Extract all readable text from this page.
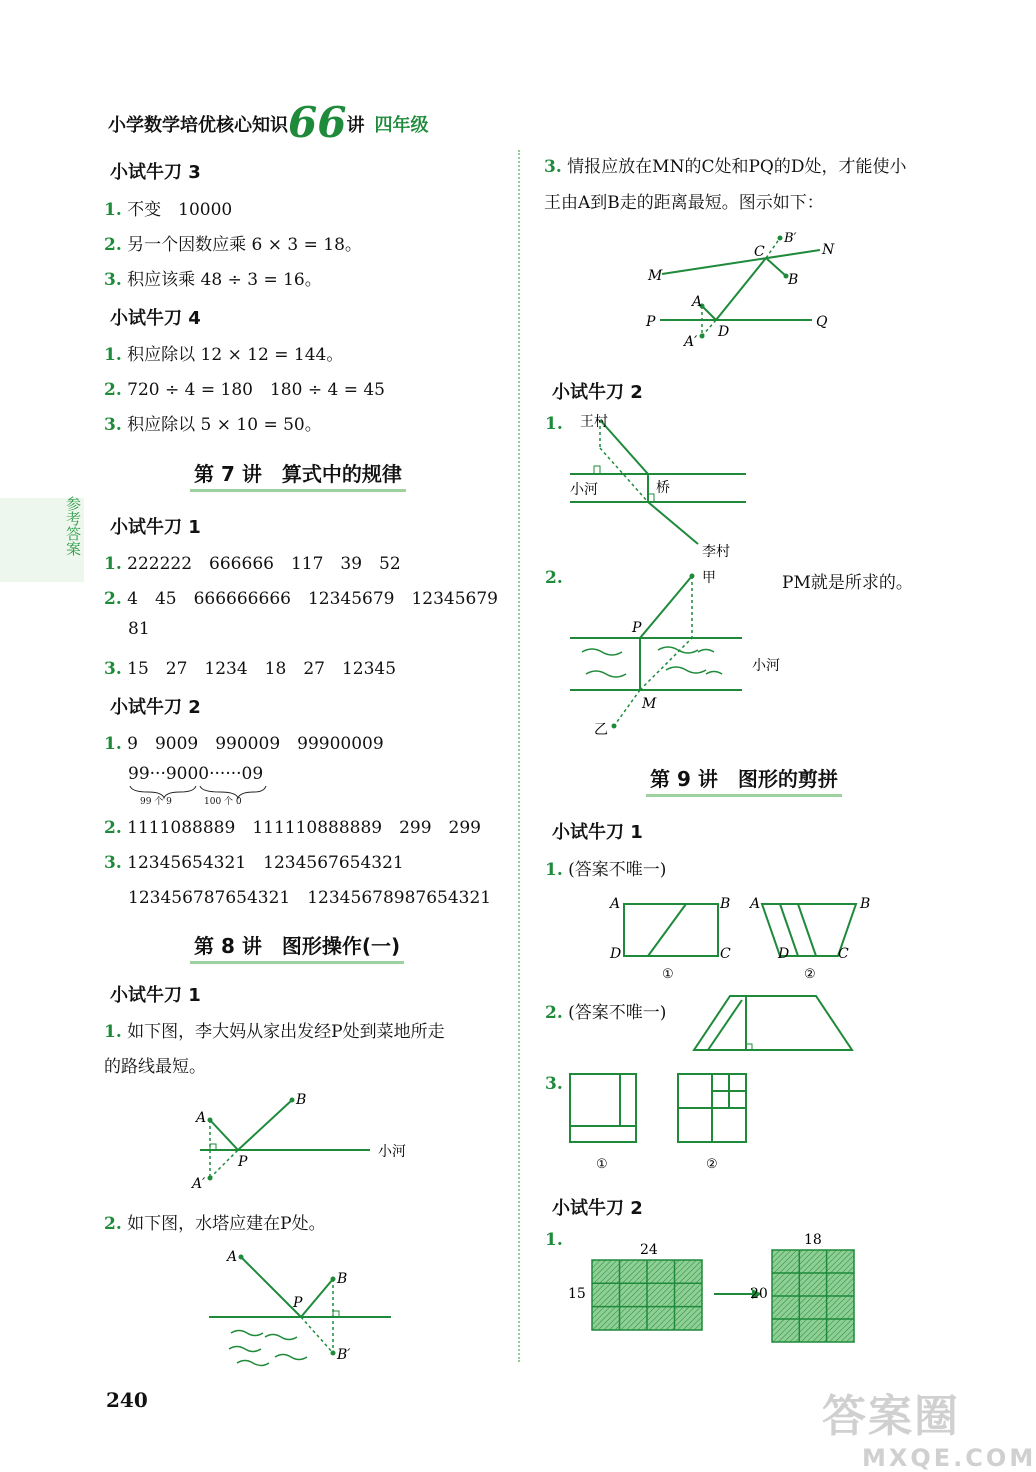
小学数学培优核心知识66讲 四年级
参考答案
小试牛刀 3
1. 不变　10000
2. 另一个因数应乘 6 × 3 = 18。
3. 积应该乘 48 ÷ 3 = 16。
小试牛刀 4
1. 积应除以 12 × 12 = 144。
2. 720 ÷ 4 = 180　180 ÷ 4 = 45
3. 积应除以 5 × 10 = 50。
第 7 讲　算式中的规律
小试牛刀 1
1. 222222　666666　117　39　52
2. 4　45　666666666　12345679　12345679
81
3. 15　27　1234　18　27　12345
小试牛刀 2
1. 9　9009　990009　99900009
99···9000······09
99 个 9	100 个 0
2. 1111088889　111110888889　299　299
3. 12345654321　1234567654321
123456787654321　12345678987654321
第 8 讲　图形操作(一)
小试牛刀 1
1. 如下图，李大妈从家出发经P处到菜地所走
的路线最短。
A
B
P
A′
小河
2. 如下图，水塔应建在P处。
A
B
P
B′
3. 情报应放在MN的C处和PQ的D处，才能使小
王由A到B走的距离最短。图示如下：
M
N
C
B
B′
A
A′
P	Q
D
小试牛刀 2
1. 王村
小河	桥
李村
2.	PM就是所求的。
甲
P
M
小河
乙
第 9 讲　图形的剪拼
小试牛刀 1
1. (答案不唯一)
A	B
C
D
①
A	B
C
D
②
2. (答案不唯一)
3.
①	②
小试牛刀 2
1.	24
15
18
20
240	答案圈
MXQE.COM
